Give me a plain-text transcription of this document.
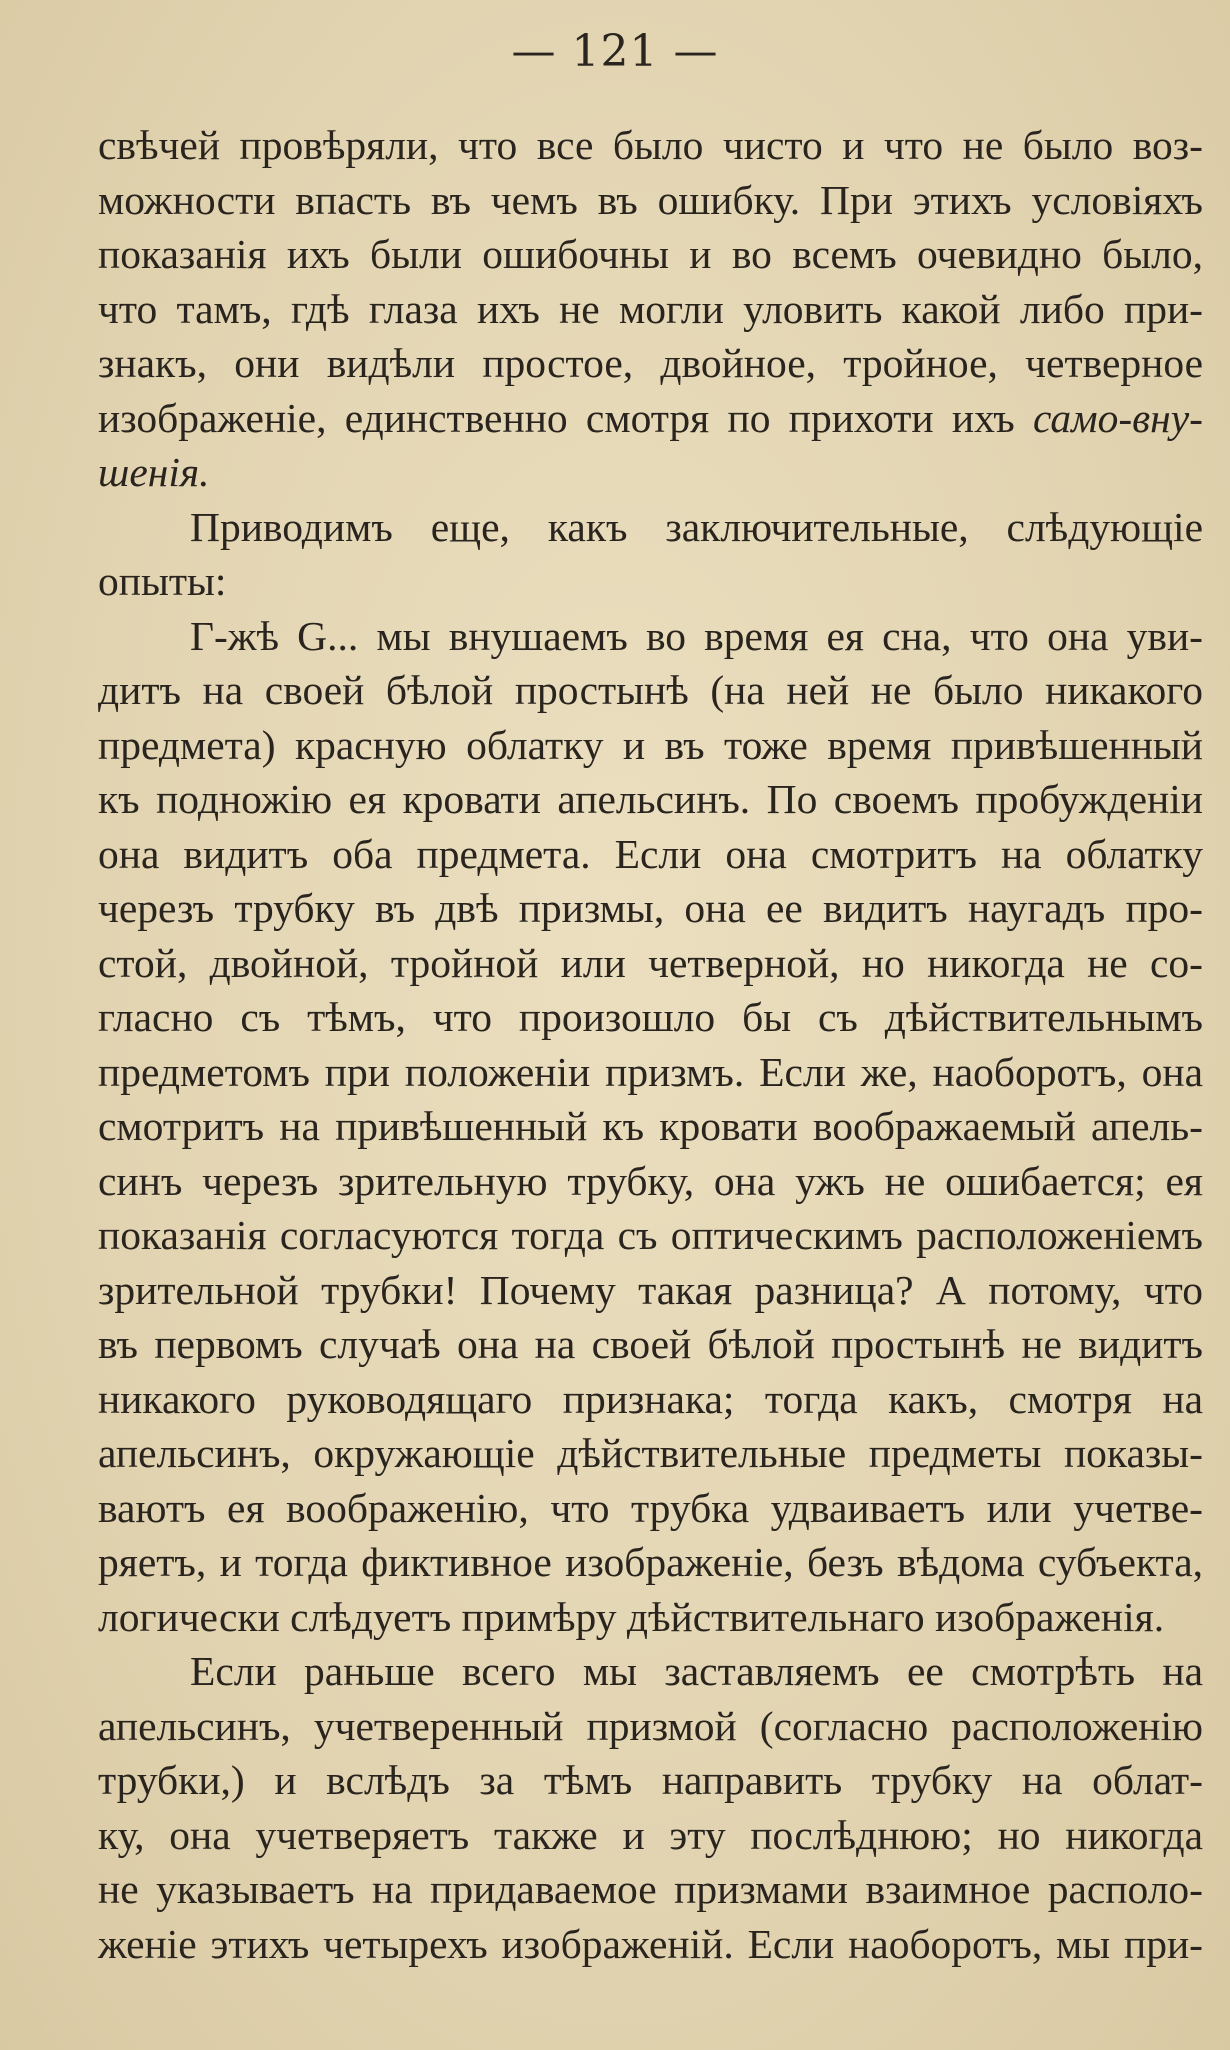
— 121 —
свѣчей провѣряли, что все было чисто и что не было воз-
можности впасть въ чемъ въ ошибку. При этихъ условіяхъ
показанія ихъ были ошибочны и во всемъ очевидно было,
что тамъ, гдѣ глаза ихъ не могли уловить какой либо при-
знакъ, они видѣли простое, двойное, тройное, четверное
изображеніе, единственно смотря по прихоти ихъ само-вну-
шенія.
Приводимъ еще, какъ заключительные, слѣдующіе
опыты:
Г-жѣ G... мы внушаемъ во время ея сна, что она уви-
дитъ на своей бѣлой простынѣ (на ней не было никакого
предмета) красную облатку и въ тоже время привѣшенный
къ подножію ея кровати апельсинъ. По своемъ пробужденіи
она видитъ оба предмета. Если она смотритъ на облатку
черезъ трубку въ двѣ призмы, она ее видитъ наугадъ про-
стой, двойной, тройной или четверной, но никогда не со-
гласно съ тѣмъ, что произошло бы съ дѣйствительнымъ
предметомъ при положеніи призмъ. Если же, наоборотъ, она
смотритъ на привѣшенный къ кровати воображаемый апель-
синъ черезъ зрительную трубку, она ужъ не ошибается; ея
показанія согласуются тогда съ оптическимъ расположеніемъ
зрительной трубки! Почему такая разница? А потому, что
въ первомъ случаѣ она на своей бѣлой простынѣ не видитъ
никакого руководящаго признака; тогда какъ, смотря на
апельсинъ, окружающіе дѣйствительные предметы показы-
ваютъ ея воображенію, что трубка удваиваетъ или учетве-
ряетъ, и тогда фиктивное изображеніе, безъ вѣдома субъекта,
логически слѣдуетъ примѣру дѣйствительнаго изображенія.
Если раньше всего мы заставляемъ ее смотрѣть на
апельсинъ, учетверенный призмой (согласно расположенію
трубки,) и вслѣдъ за тѣмъ направить трубку на облат-
ку, она учетверяетъ также и эту послѣднюю; но никогда
не указываетъ на придаваемое призмами взаимное располо-
женіе этихъ четырехъ изображеній. Если наоборотъ, мы при-
